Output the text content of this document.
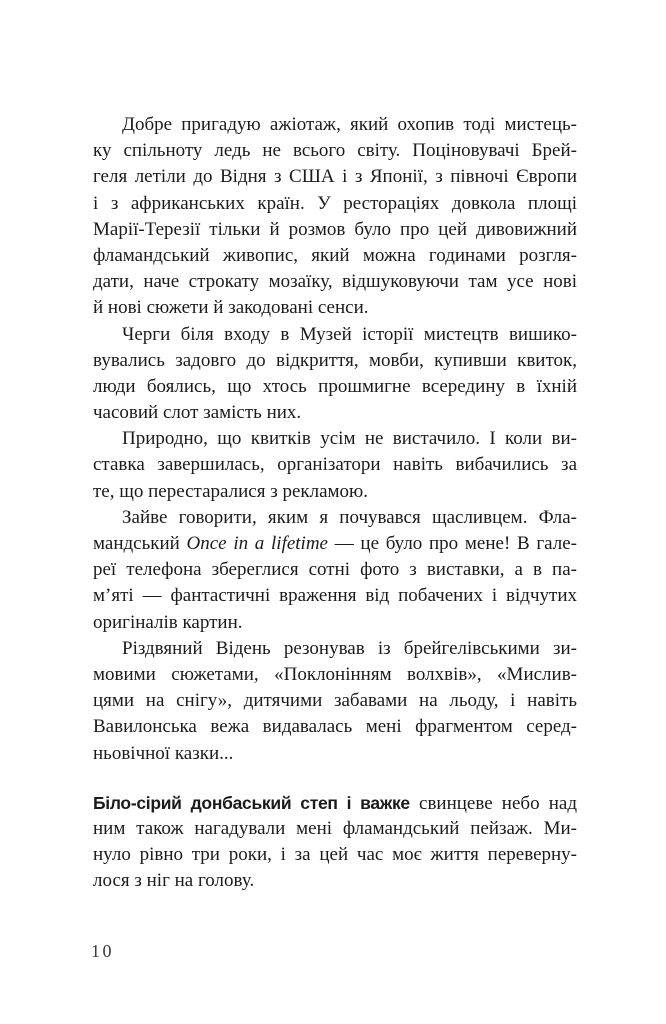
Добре пригадую ажіотаж, який охопив тоді мистець-
ку спільноту ледь не всього світу. Поціновувачі Брей-
геля летіли до Відня з США і з Японії, з півночі Європи
і з африканських країн. У рестораціях довкола площі
Марії-Терезії тільки й розмов було про цей дивовижний
фламандський живопис, який можна годинами розгля-
дати, наче строкату мозаїку, відшуковуючи там усе нові
й нові сюжети й закодовані сенси.
Черги біля входу в Музей історії мистецтв вишико-
вувались задовго до відкриття, мовби, купивши квиток,
люди боялись, що хтось прошмигне всередину в їхній
часовий слот замість них.
Природно, що квитків усім не вистачило. І коли ви-
ставка завершилась, організатори навіть вибачились за
те, що перестаралися з рекламою.
Зайве говорити, яким я почувався щасливцем. Фла-
мандський Once in a lifetime — це було про мене! В гале-
реї телефона збереглися сотні фото з виставки, а в па-
м’яті — фантастичні враження від побачених і відчутих
оригіналів картин.
Різдвяний Відень резонував із брейгелівськими зи-
мовими сюжетами, «Поклонінням волхвів», «Мислив-
цями на снігу», дитячими забавами на льоду, і навіть
Вавилонська вежа видавалась мені фрагментом серед-
ньовічної казки...
Біло-сірий донбаський степ і важке свинцеве небо над
ним також нагадували мені фламандський пейзаж. Ми-
нуло рівно три роки, і за цей час моє життя переверну-
лося з ніг на голову.
10
